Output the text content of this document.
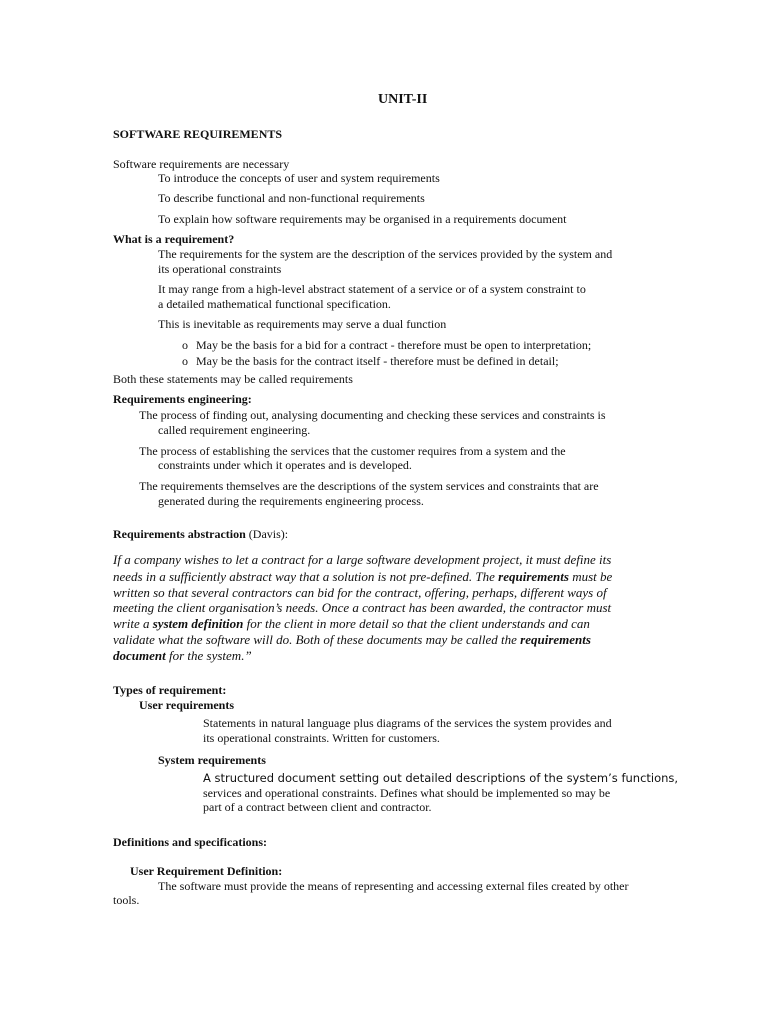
UNIT-II

SOFTWARE REQUIREMENTS

Software requirements are necessary

To introduce the concepts of user and system requirements

To describe functional and non-functional requirements

To explain how software requirements may be organised in a requirements document

What is a requirement?

The requirements for the system are the description of the services provided by the system and

its operational constraints

It may range from a high-level abstract statement of a service or of a system constraint to

a detailed mathematical functional specification.

This is inevitable as requirements may serve a dual function

o May be the basis for a bid for a contract - therefore must be open to interpretation;

o May be the basis for the contract itself - therefore must be defined in detail;

Both these statements may be called requirements

Requirements engineering:

The process of finding out, analysing documenting and checking these services and constraints is

called requirement engineering.

The process of establishing the services that the customer requires from a system and the

constraints under which it operates and is developed.

The requirements themselves are the descriptions of the system services and constraints that are

generated during the requirements engineering process.

Requirements abstraction (Davis):

If a company wishes to let a contract for a large software development project, it must define its

needs in a sufficiently abstract way that a solution is not pre-defined. The requirements must be

written so that several contractors can bid for the contract, offering, perhaps, different ways of

meeting the client organisation’s needs. Once a contract has been awarded, the contractor must

write a system definition for the client in more detail so that the client understands and can

validate what the software will do. Both of these documents may be called the requirements

document for the system.”

Types of requirement:

User requirements

Statements in natural language plus diagrams of the services the system provides and

its operational constraints. Written for customers.

System requirements

A structured document setting out detailed descriptions of the system’s functions,

services and operational constraints. Defines what should be implemented so may be

part of a contract between client and contractor.

Definitions and specifications:

User Requirement Definition:

The software must provide the means of representing and accessing external files created by other

tools.
